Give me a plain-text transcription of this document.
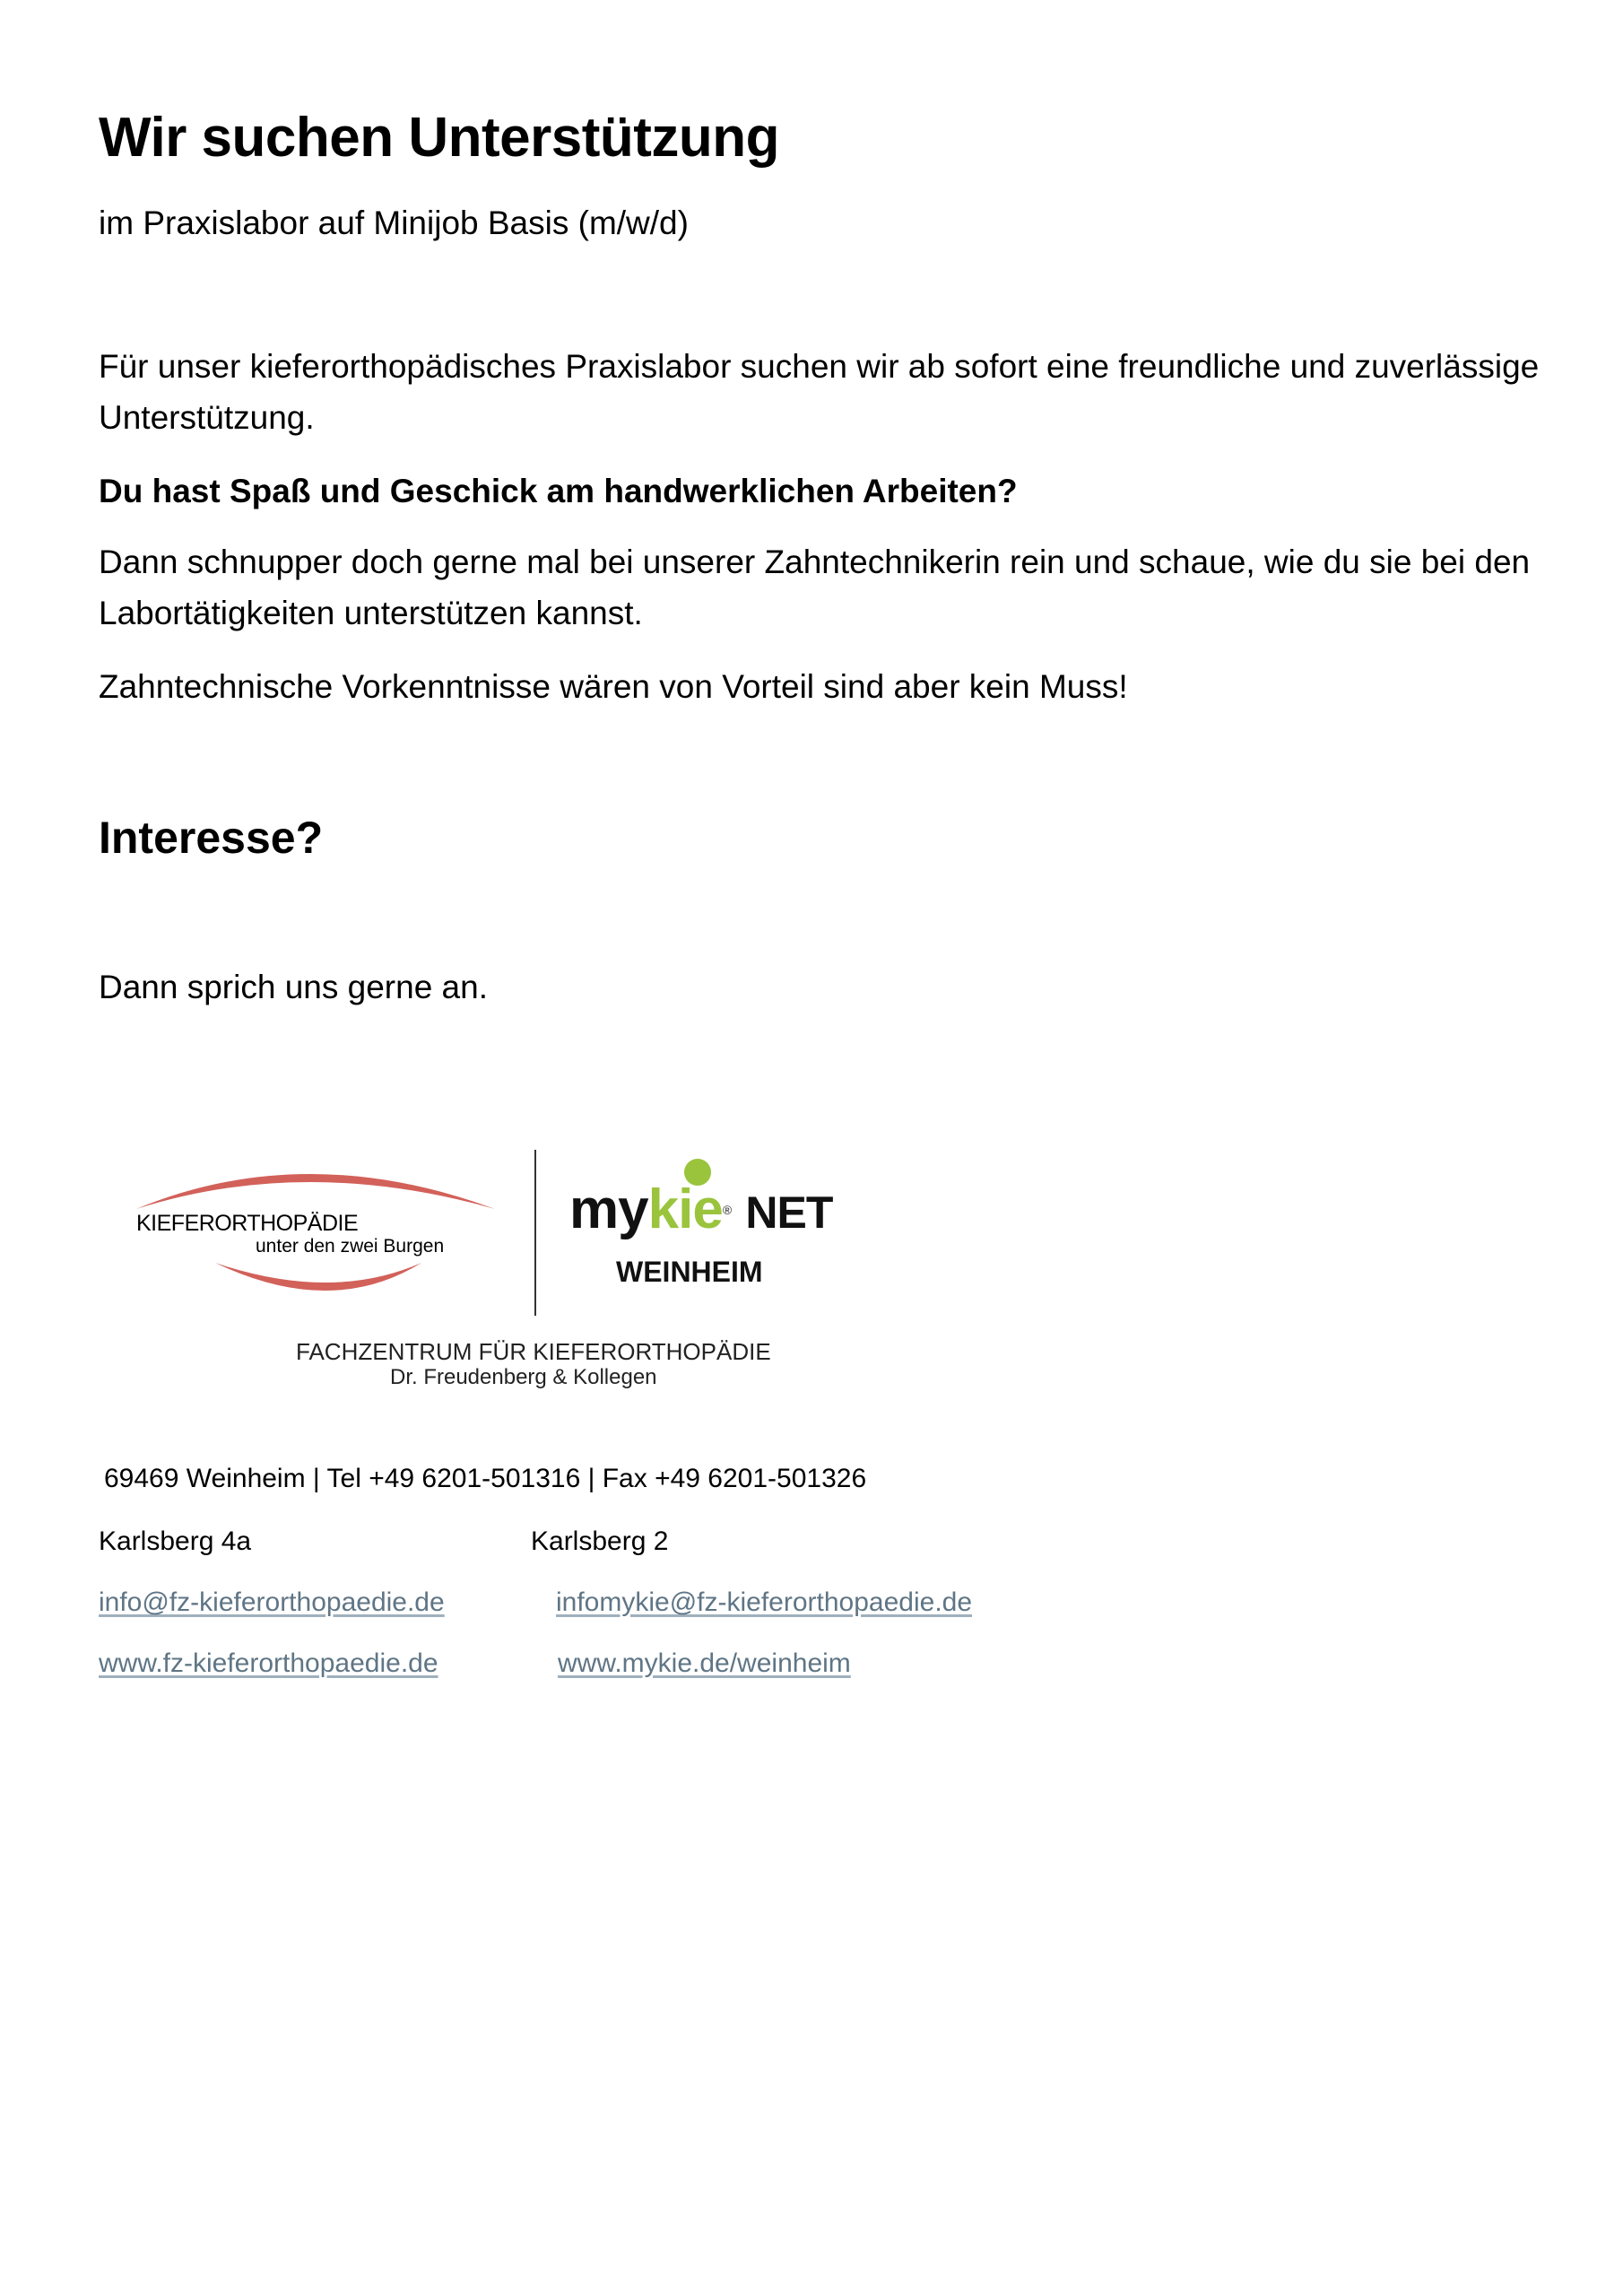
Wir suchen Unterstützung
im Praxislabor auf Minijob Basis (m/w/d)

Für unser kieferorthopädisches Praxislabor suchen wir ab sofort eine freundliche und zuverlässige Unterstützung.

Du hast Spaß und Geschick am handwerklichen Arbeiten?

Dann schnupper doch gerne mal bei unserer Zahntechnikerin rein und schaue, wie du sie bei den Labortätigkeiten unterstützen kannst.

Zahntechnische Vorkenntnisse wären von Vorteil sind aber kein Muss!

Interesse?
Dann sprich uns gerne an.
KIEFERORTHOPÄDIE
unter den zwei Burgen
mykie® NET
WEINHEIM
FACHZENTRUM FÜR KIEFERORTHOPÄDIE
Dr. Freudenberg & Kollegen
69469 Weinheim | Tel +49 6201-501316 | Fax +49 6201-501326
Karlsberg 4a	Karlsberg 2
info@fz-kieferorthopaedie.de	infomykie@fz-kieferorthopaedie.de
www.fz-kieferorthopaedie.de	www.mykie.de/weinheim
